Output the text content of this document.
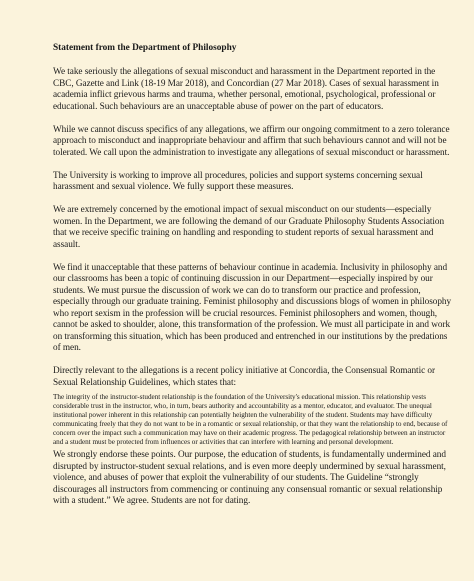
Statement from the Department of Philosophy
We take seriously the allegations of sexual misconduct and harassment in the Department reported in the CBC, Gazette and Link (18-19 Mar 2018), and Concordian (27 Mar 2018). Cases of sexual harassment in academia inflict grievous harms and trauma, whether personal, emotional, psychological, professional or educational. Such behaviours are an unacceptable abuse of power on the part of educators.
While we cannot discuss specifics of any allegations, we affirm our ongoing commitment to a zero tolerance approach to misconduct and inappropriate behaviour and affirm that such behaviours cannot and will not be tolerated. We call upon the administration to investigate any allegations of sexual misconduct or harassment.
The University is working to improve all procedures, policies and support systems concerning sexual harassment and sexual violence. We fully support these measures.
We are extremely concerned by the emotional impact of sexual misconduct on our students—especially women. In the Department, we are following the demand of our Graduate Philosophy Students Association that we receive specific training on handling and responding to student reports of sexual harassment and assault.
We find it unacceptable that these patterns of behaviour continue in academia. Inclusivity in philosophy and our classrooms has been a topic of continuing discussion in our Department—especially inspired by our students. We must pursue the discussion of work we can do to transform our practice and profession, especially through our graduate training. Feminist philosophy and discussions blogs of women in philosophy who report sexism in the profession will be crucial resources. Feminist philosophers and women, though, cannot be asked to shoulder, alone, this transformation of the profession. We must all participate in and work on transforming this situation, which has been produced and entrenched in our institutions by the predations of men.
Directly relevant to the allegations is a recent policy initiative at Concordia, the Consensual Romantic or Sexual Relationship Guidelines, which states that:
The integrity of the instructor-student relationship is the foundation of the University's educational mission. This relationship vests considerable trust in the instructor, who, in turn, bears authority and accountability as a mentor, educator, and evaluator. The unequal institutional power inherent in this relationship can potentially heighten the vulnerability of the student. Students may have difficulty communicating freely that they do not want to be in a romantic or sexual relationship, or that they want the relationship to end, because of concern over the impact such a communication may have on their academic progress. The pedagogical relationship between an instructor and a student must be protected from influences or activities that can interfere with learning and personal development.
We strongly endorse these points. Our purpose, the education of students, is fundamentally undermined and disrupted by instructor-student sexual relations, and is even more deeply undermined by sexual harassment, violence, and abuses of power that exploit the vulnerability of our students. The Guideline “strongly discourages all instructors from commencing or continuing any consensual romantic or sexual relationship with a student.” We agree. Students are not for dating.
